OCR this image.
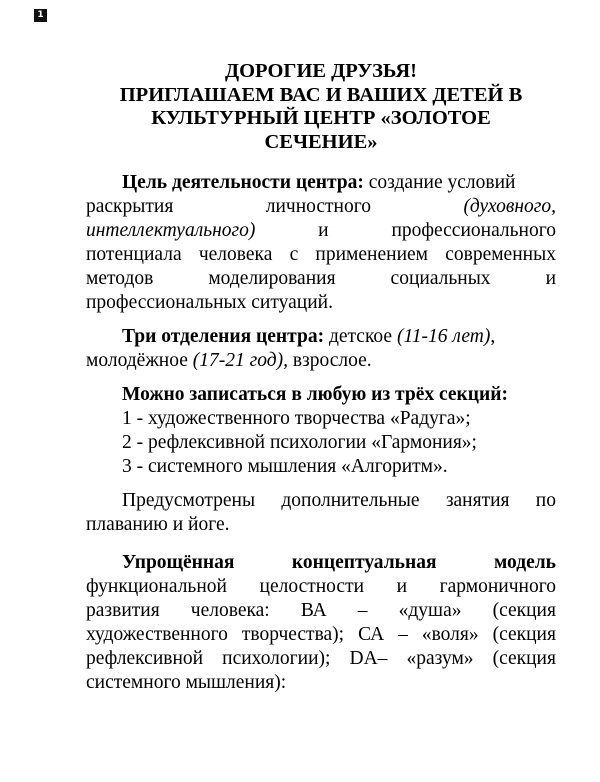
1
ДОРОГИЕ ДРУЗЬЯ!
ПРИГЛАШАЕМ ВАС И ВАШИХ ДЕТЕЙ В
КУЛЬТУРНЫЙ ЦЕНТР «ЗОЛОТОЕ
СЕЧЕНИЕ»
Цель деятельности центра: создание условий
раскрытия	личностного	(духовного,
интеллектуального)	и	профессионального
потенциала человека с применением современных
методов	моделирования	социальных	и
профессиональных ситуаций.
Три отделения центра: детское (11-16 лет),
молодёжное (17-21 год), взрослое.
Можно записаться в любую из трёх секций:
1 - художественного творчества «Радуга»;
2 - рефлексивной психологии «Гармония»;
3 - системного мышления «Алгоритм».
Предусмотрены дополнительные занятия по
плаванию и йоге.
Упрощённая	концептуальная	модель
функциональной целостности и гармоничного
развития человека: ВА – «душа» (секция
художественного творчества); СА – «воля» (секция
рефлексивной психологии); DA– «разум» (секция
системного мышления):
